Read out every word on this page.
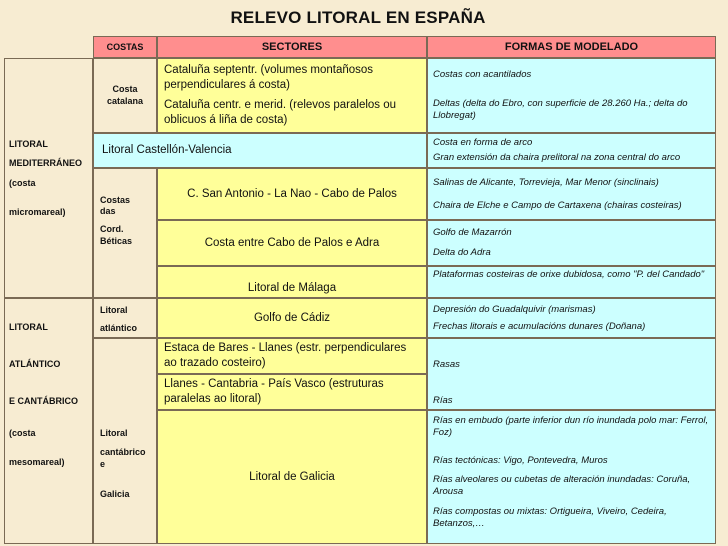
RELEVO LITORAL EN ESPAÑA
COSTAS	SECTORES	FORMAS DE MODELADO
LITORAL
MEDITERRÁNEO
(costa
micromareal)
LITORAL
ATLÁNTICO
E CANTÁBRICO
(costa
mesomareal)
Costa
catalana
Costas
das
Cord.
Béticas
Litoral
atlántico
Litoral
cantábrico
e
Galicia
Cataluña septentr. (volumes montañosos perpendiculares á costa)
Cataluña centr. e merid. (relevos paralelos ou oblicuos á liña de costa)
Litoral Castellón-Valencia
C. San Antonio - La Nao - Cabo de Palos
Costa entre Cabo de Palos e Adra
Litoral de Málaga
Golfo de Cádiz
Estaca de Bares - Llanes (estr. perpendiculares ao trazado costeiro)
Llanes - Cantabria - País Vasco (estruturas paralelas ao litoral)
Litoral de Galicia
Costas con acantilados
Deltas (delta do Ebro, con superficie de 28.260 Ha.; delta do Llobregat)
Costa en forma de arco
Gran extensión da chaira prelitoral na zona central do arco
Salinas de Alicante, Torrevieja, Mar Menor (sinclinais)
Chaira de Elche e Campo de Cartaxena (chairas costeiras)
Golfo de Mazarrón
Delta do Adra
Plataformas costeiras de orixe dubidosa, como "P. del Candado"
Depresión do Guadalquivir (marismas)
Frechas litorais e acumulacións dunares (Doñana)
Rasas
Rías
Rías en embudo (parte inferior dun río inundada polo mar: Ferrol, Foz)
Rías tectónicas: Vigo, Pontevedra, Muros
Rías alveolares ou cubetas de alteración inundadas: Coruña, Arousa
Rías compostas ou mixtas: Ortigueira, Viveiro, Cedeira, Betanzos,…
